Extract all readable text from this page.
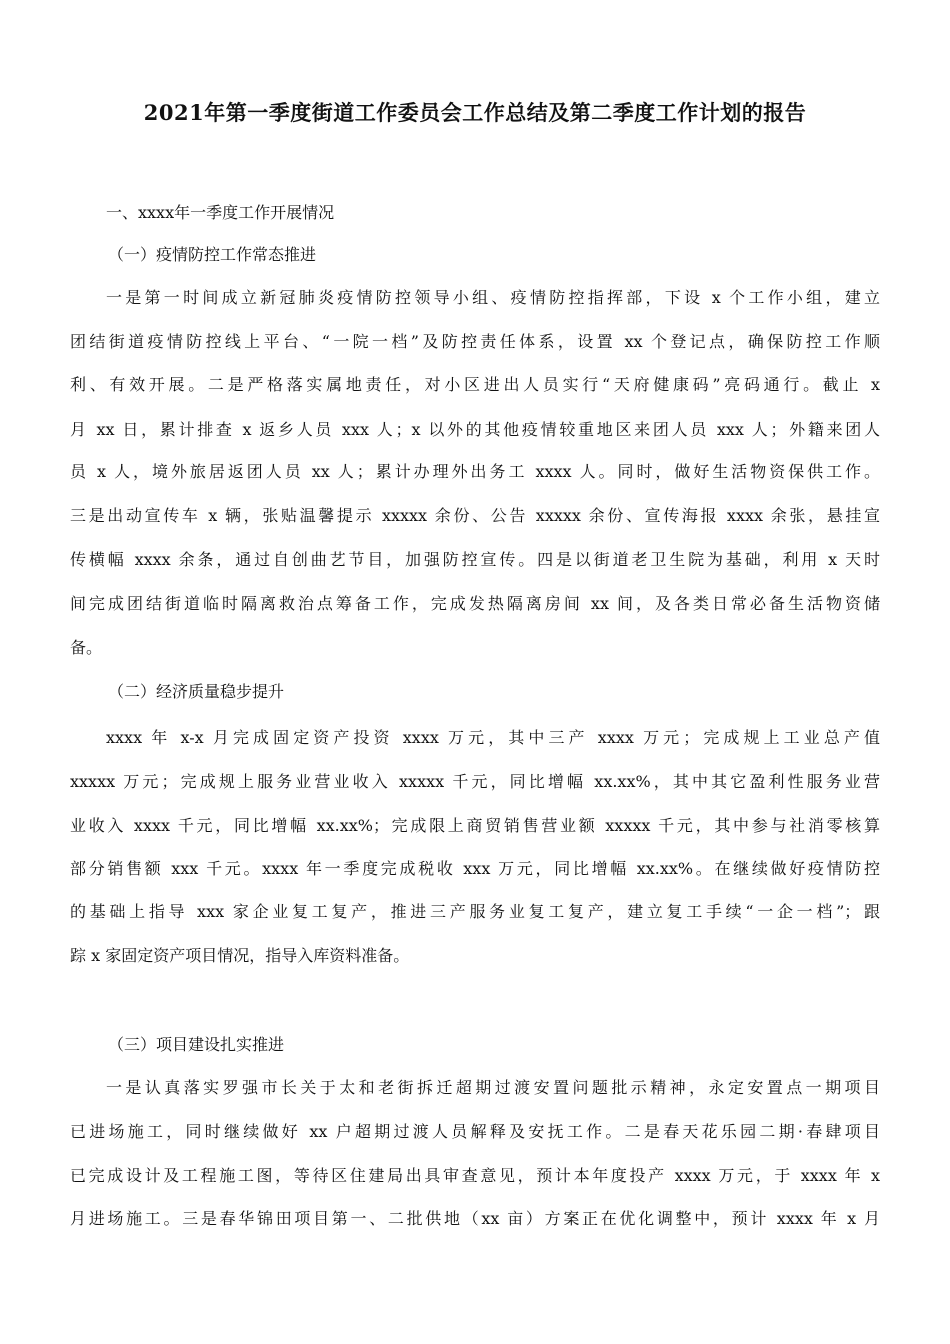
2021年第一季度街道工作委员会工作总结及第二季度工作计划的报告
一、xxxx年一季度工作开展情况
（一）疫情防控工作常态推进
一是第一时间成立新冠肺炎疫情防控领导小组、疫情防控指挥部，下设 x 个工作小组，建立
团结街道疫情防控线上平台、“一院一档”及防控责任体系，设置 xx 个登记点，确保防控工作顺
利、有效开展。二是严格落实属地责任，对小区进出人员实行“天府健康码”亮码通行。截止 x
月 xx 日，累计排查 x 返乡人员 xxx 人；x 以外的其他疫情较重地区来团人员 xxx 人；外籍来团人
员 x 人，境外旅居返团人员 xx 人；累计办理外出务工 xxxx 人。同时，做好生活物资保供工作。
三是出动宣传车 x 辆，张贴温馨提示 xxxxx 余份、公告 xxxxx 余份、宣传海报 xxxx 余张，悬挂宣
传横幅 xxxx 余条，通过自创曲艺节目，加强防控宣传。四是以街道老卫生院为基础，利用 x 天时
间完成团结街道临时隔离救治点筹备工作，完成发热隔离房间 xx 间，及各类日常必备生活物资储
备。
（二）经济质量稳步提升
xxxx 年 x-x 月完成固定资产投资 xxxx 万元，其中三产 xxxx 万元；完成规上工业总产值
xxxxx 万元；完成规上服务业营业收入 xxxxx 千元，同比增幅 xx.xx%，其中其它盈利性服务业营
业收入 xxxx 千元，同比增幅 xx.xx%；完成限上商贸销售营业额 xxxxx 千元，其中参与社消零核算
部分销售额 xxx 千元。xxxx 年一季度完成税收 xxx 万元，同比增幅 xx.xx%。在继续做好疫情防控
的基础上指导 xxx 家企业复工复产，推进三产服务业复工复产，建立复工手续“一企一档”；跟
踪 x 家固定资产项目情况，指导入库资料准备。
（三）项目建设扎实推进
一是认真落实罗强市长关于太和老街拆迁超期过渡安置问题批示精神，永定安置点一期项目
已进场施工，同时继续做好 xx 户超期过渡人员解释及安抚工作。二是春天花乐园二期·春肆项目
已完成设计及工程施工图，等待区住建局出具审查意见，预计本年度投产 xxxx 万元，于 xxxx 年 x
月进场施工。三是春华锦田项目第一、二批供地（xx 亩）方案正在优化调整中，预计 xxxx 年 x 月
